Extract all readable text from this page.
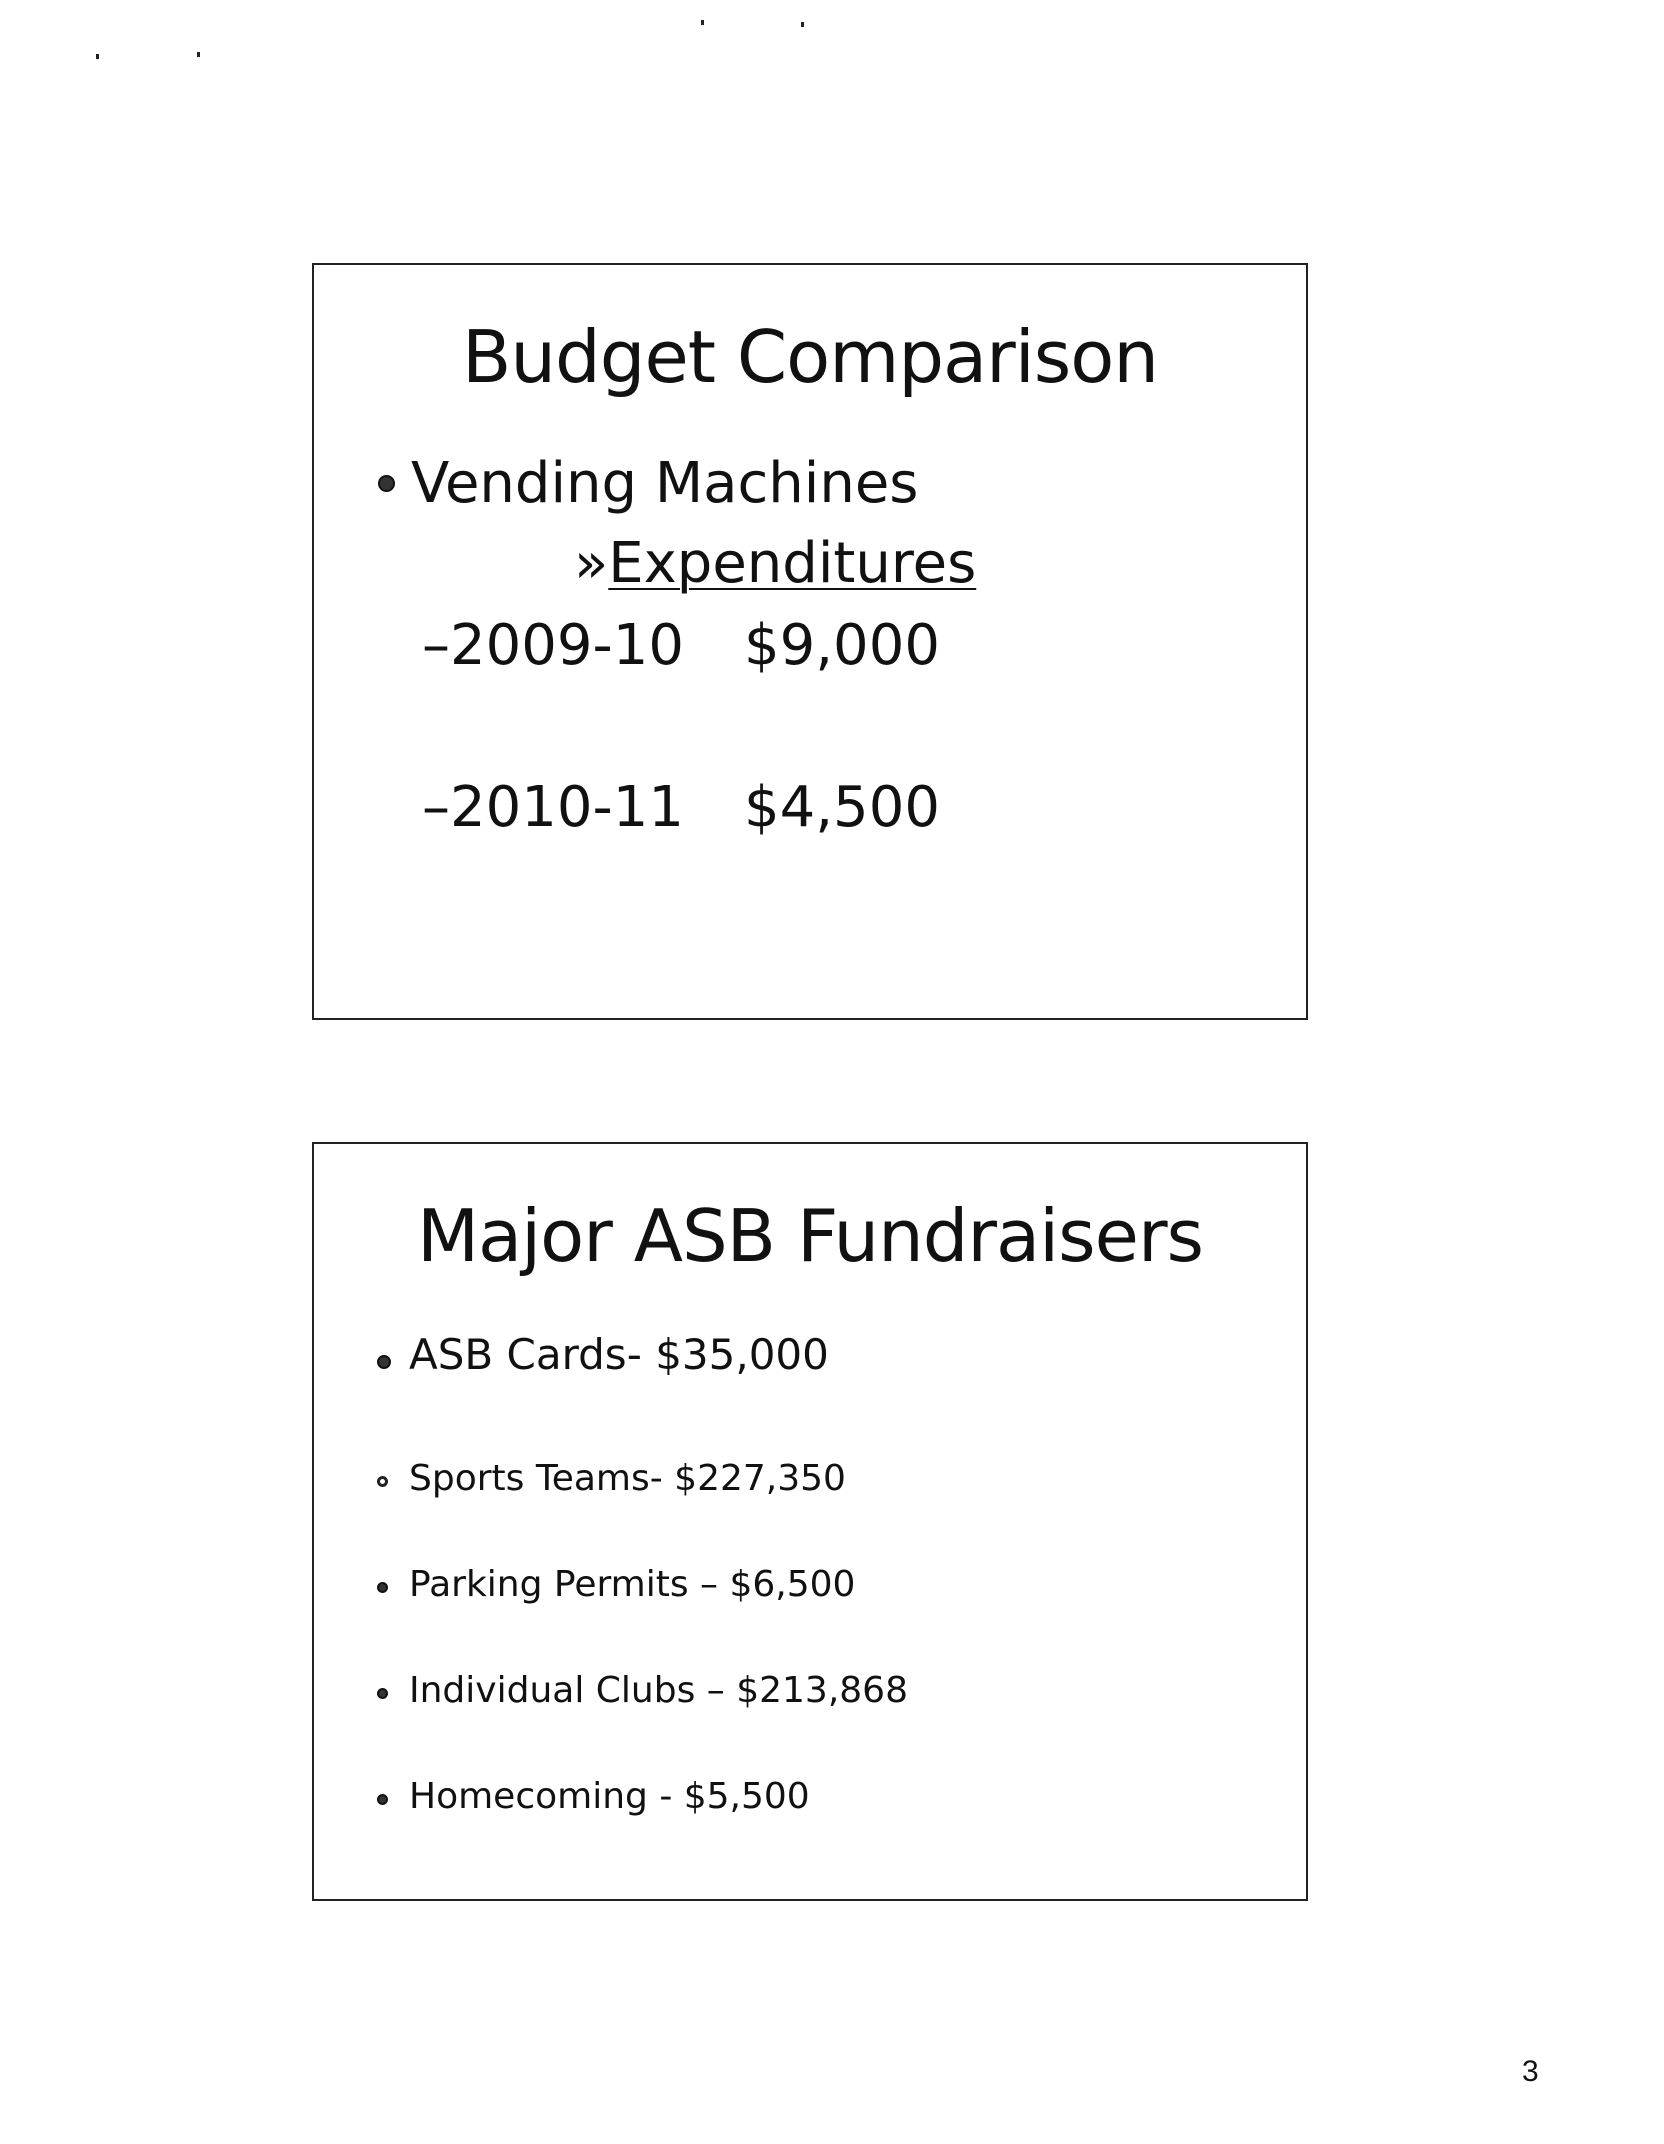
Budget Comparison
Vending Machines
»Expenditures
–2009-10 $9,000
–2010-11 $4,500
Major ASB Fundraisers
ASB Cards- $35,000
Sports Teams- $227,350
Parking Permits – $6,500
Individual Clubs – $213,868
Homecoming - $5,500
3
